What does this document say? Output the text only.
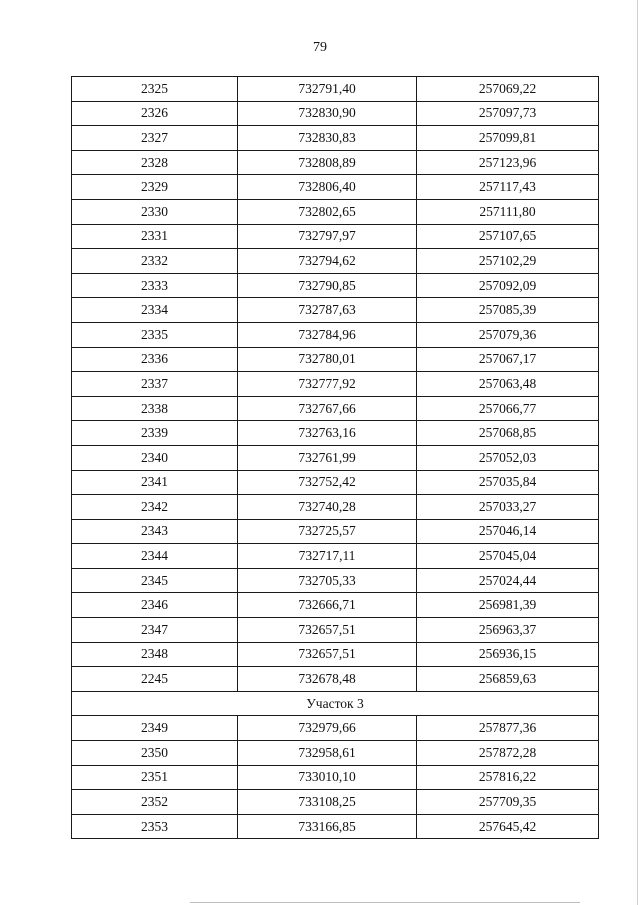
79
2325	732791,40	257069,22
2326	732830,90	257097,73
2327	732830,83	257099,81
2328	732808,89	257123,96
2329	732806,40	257117,43
2330	732802,65	257111,80
2331	732797,97	257107,65
2332	732794,62	257102,29
2333	732790,85	257092,09
2334	732787,63	257085,39
2335	732784,96	257079,36
2336	732780,01	257067,17
2337	732777,92	257063,48
2338	732767,66	257066,77
2339	732763,16	257068,85
2340	732761,99	257052,03
2341	732752,42	257035,84
2342	732740,28	257033,27
2343	732725,57	257046,14
2344	732717,11	257045,04
2345	732705,33	257024,44
2346	732666,71	256981,39
2347	732657,51	256963,37
2348	732657,51	256936,15
2245	732678,48	256859,63
Участок 3		
2349	732979,66	257877,36
2350	732958,61	257872,28
2351	733010,10	257816,22
2352	733108,25	257709,35
2353	733166,85	257645,42
